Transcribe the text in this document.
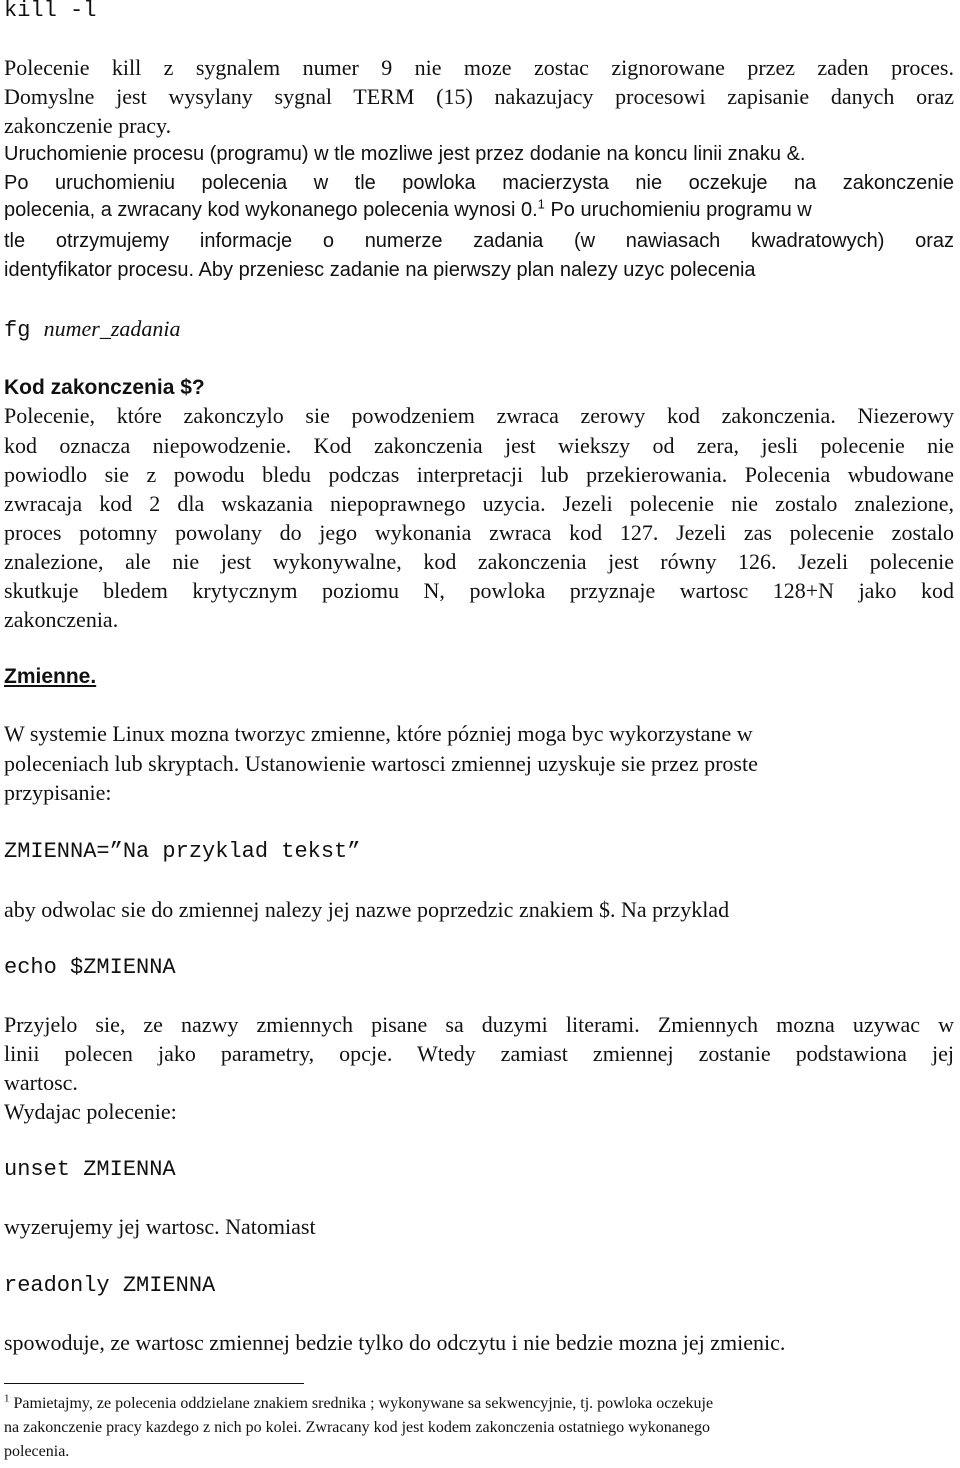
kill -l
Polecenie kill z sygnalem numer 9 nie moze zostac zignorowane przez zaden proces.
Domyslne jest wysylany sygnal TERM (15) nakazujacy procesowi zapisanie danych oraz
zakonczenie pracy.
Uruchomienie procesu (programu) w tle mozliwe jest przez dodanie na koncu linii znaku &.
Po uruchomieniu polecenia w tle powloka macierzysta nie oczekuje na zakonczenie
polecenia, a zwracany kod wykonanego polecenia wynosi 0.$^1$ Po uruchomieniu programu w
tle otrzymujemy informacje o numerze zadania (w nawiasach kwadratowych) oraz
identyfikator procesu. Aby przeniesc zadanie na pierwszy plan nalezy uzyc polecenia
fg numer_zadania
Kod zakonczenia $?
Polecenie, które zakonczylo sie powodzeniem zwraca zerowy kod zakonczenia. Niezerowy
kod oznacza niepowodzenie. Kod zakonczenia jest wiekszy od zera, jesli polecenie nie
powiodlo sie z powodu bledu podczas interpretacji lub przekierowania. Polecenia wbudowane
zwracaja kod 2 dla wskazania niepoprawnego uzycia. Jezeli polecenie nie zostalo znalezione,
proces potomny powolany do jego wykonania zwraca kod 127. Jezeli zas polecenie zostalo
znalezione, ale nie jest wykonywalne, kod zakonczenia jest równy 126. Jezeli polecenie
skutkuje bledem krytycznym poziomu N, powloka przyznaje wartosc 128+N jako kod
zakonczenia.
Zmienne.
W systemie Linux mozna tworzyc zmienne, które pózniej moga byc wykorzystane w
poleceniach lub skryptach. Ustanowienie wartosci zmiennej uzyskuje sie przez proste
przypisanie:
ZMIENNA=”Na przyklad tekst”
aby odwolac sie do zmiennej nalezy jej nazwe poprzedzic znakiem $. Na przyklad
echo $ZMIENNA
Przyjelo sie, ze nazwy zmiennych pisane sa duzymi literami. Zmiennych mozna uzywac w
linii polecen jako parametry, opcje. Wtedy zamiast zmiennej zostanie podstawiona jej
wartosc.
Wydajac polecenie:
unset ZMIENNA
wyzerujemy jej wartosc. Natomiast
readonly ZMIENNA
spowoduje, ze wartosc zmiennej bedzie tylko do odczytu i nie bedzie mozna jej zmienic.
$^1$ Pamietajmy, ze polecenia oddzielane znakiem srednika ; wykonywane sa sekwencyjnie, tj. powloka oczekuje
na zakonczenie pracy kazdego z nich po kolei. Zwracany kod jest kodem zakonczenia ostatniego wykonanego
polecenia.
